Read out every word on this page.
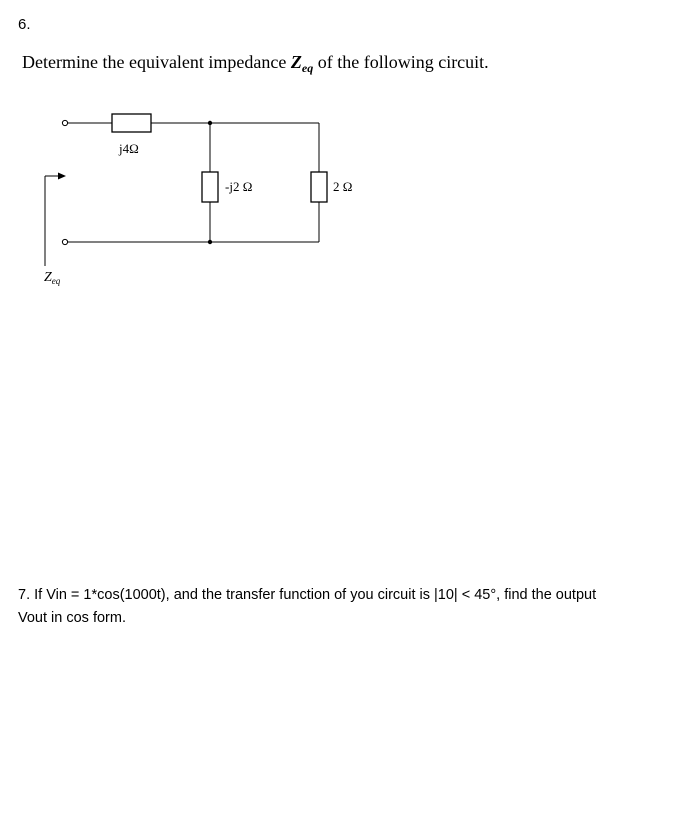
6.
Determine the equivalent impedance $Z_{eq}$ of the following circuit.
j4Ω
-j2 Ω	2 Ω
$Z_{eq}$
7. If Vin = 1*cos(1000t), and the transfer function of you circuit is |10| < 45°, find the output
Vout in cos form.
